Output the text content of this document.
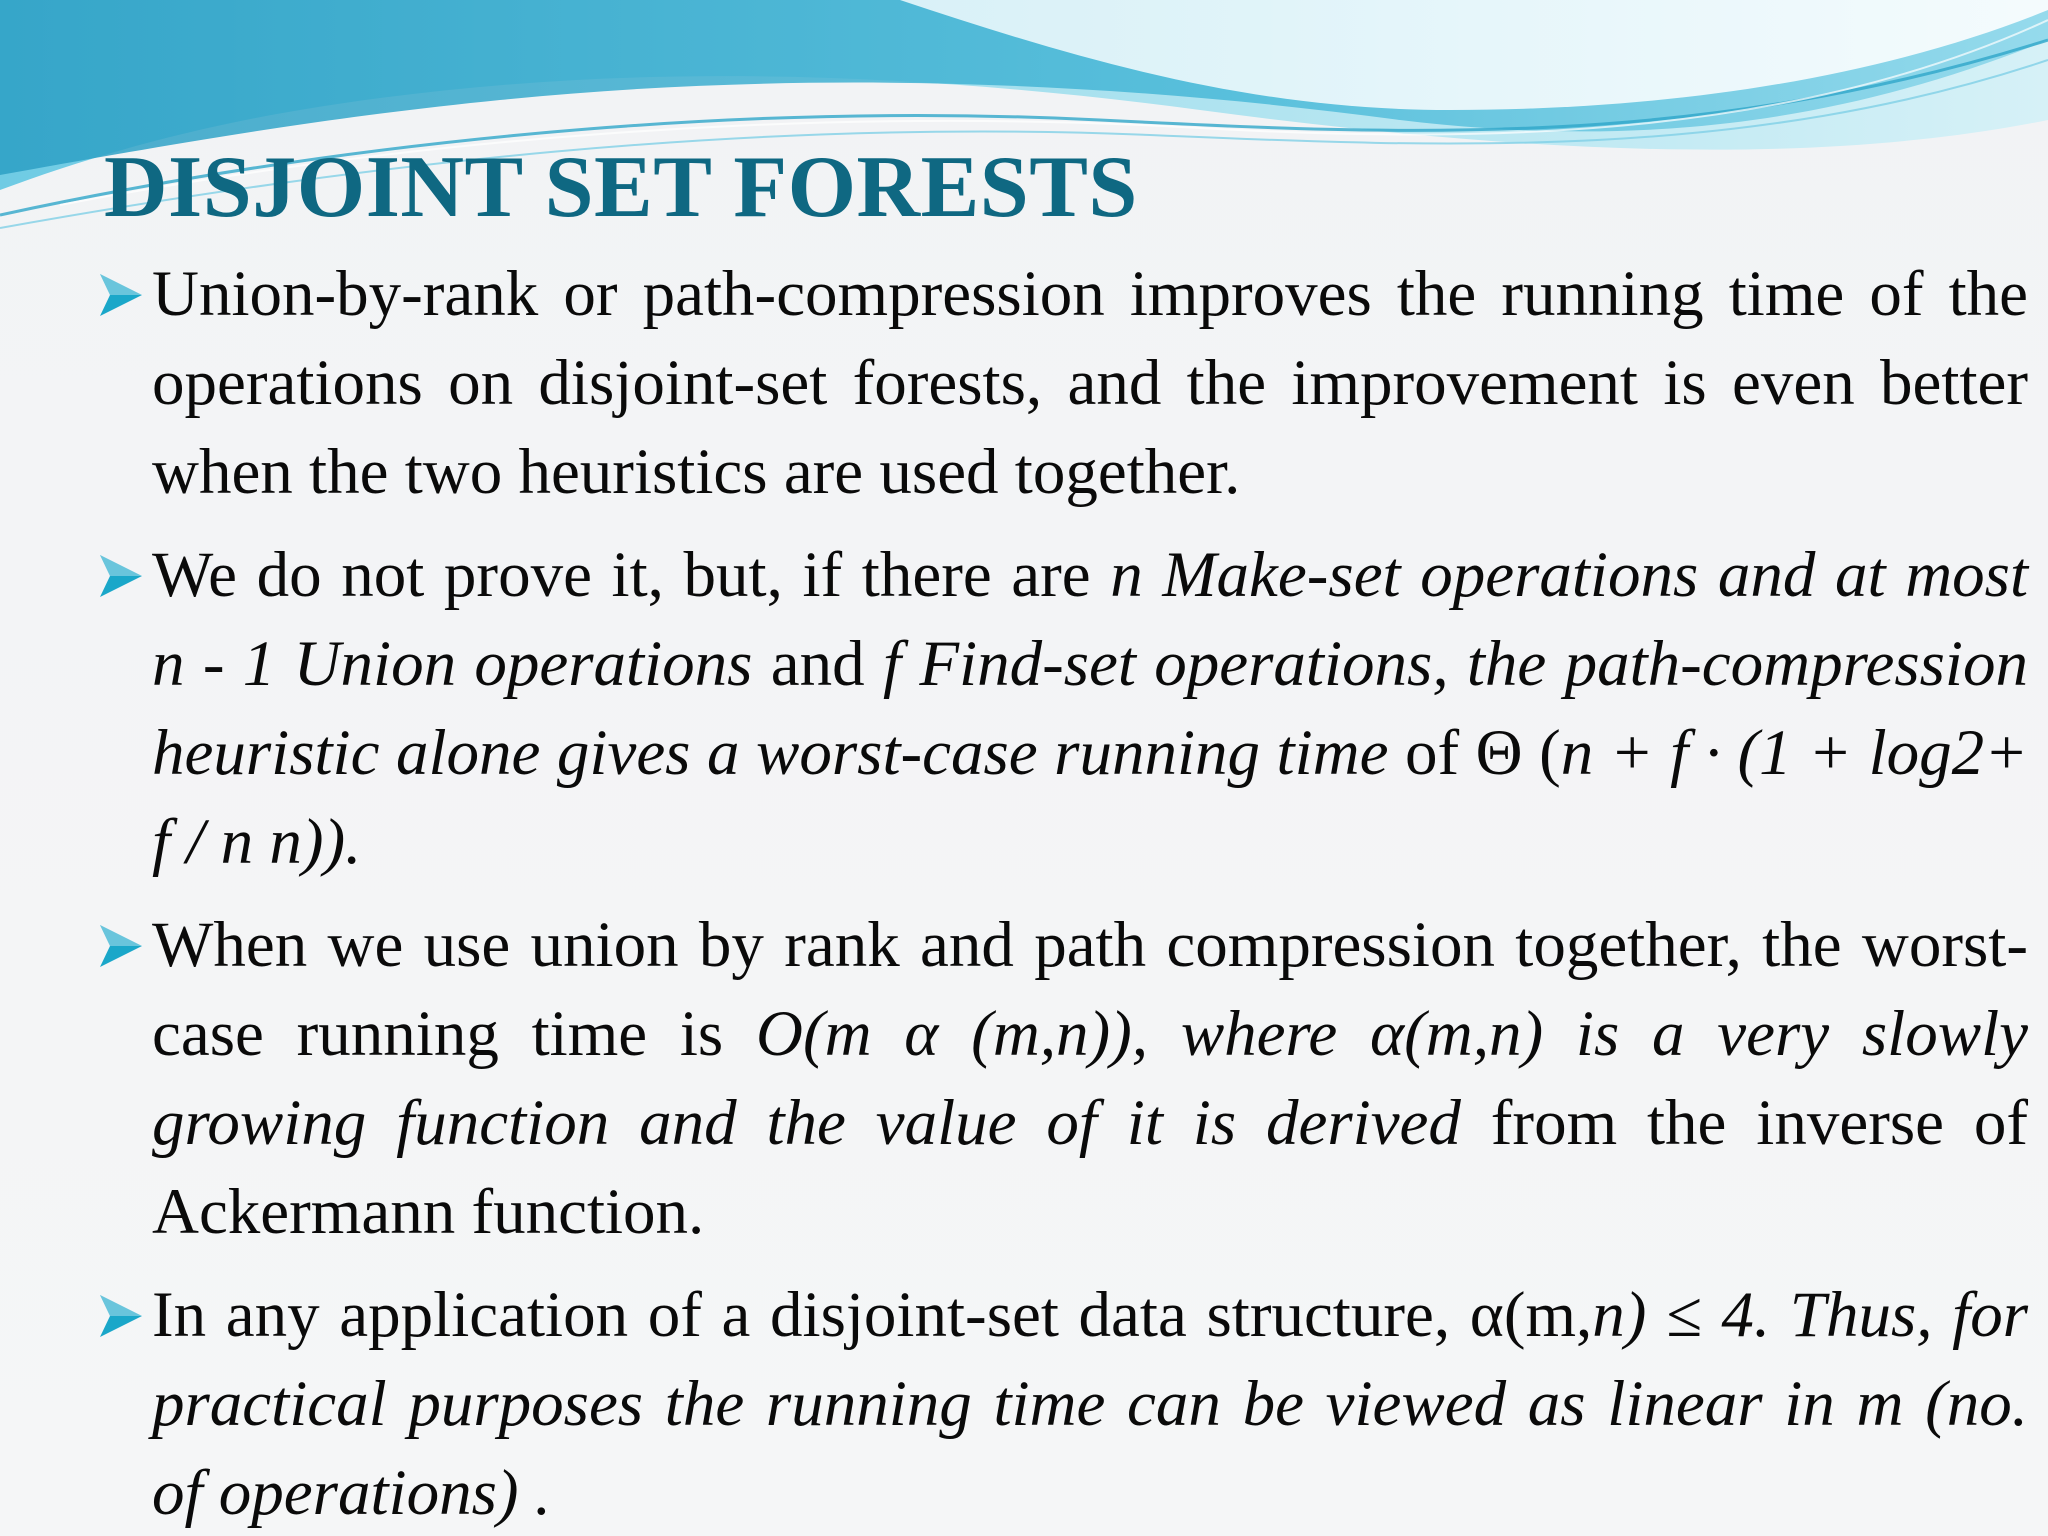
DISJOINT SET FORESTS
Union-by-rank or path-compression improves the running time of the operations on disjoint-set forests, and the improvement is even better when the two heuristics are used together.
We do not prove it, but, if there are n Make-set operations and at most n - 1 Union operations and f Find-set operations, the path-compression heuristic alone gives a worst-case running time of Θ (n + f · (1 + log2+ f / n n)).
When we use union by rank and path compression together, the worst-case running time is O(m α (m,n)), where α(m,n) is a very slowly growing function and the value of it is derived from the inverse of Ackermann function.
In any application of a disjoint-set data structure, α(m,n) ≤ 4. Thus, for practical purposes the running time can be viewed as linear in m (no. of operations) .
